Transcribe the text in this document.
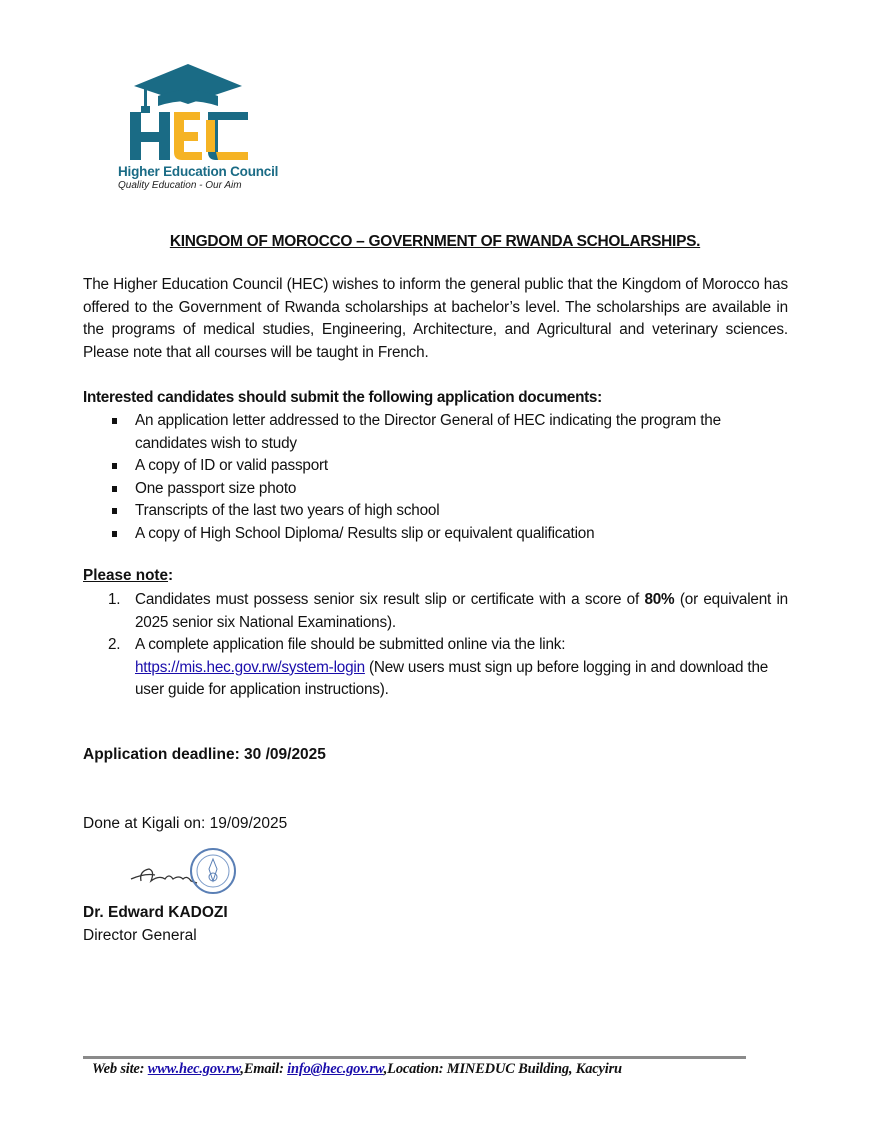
Higher Education Council
Quality Education - Our Aim
KINGDOM OF MOROCCO – GOVERNMENT OF RWANDA SCHOLARSHIPS.
The Higher Education Council (HEC) wishes to inform the general public that the Kingdom of Morocco has offered to the Government of Rwanda scholarships at bachelor’s level. The scholarships are available in the programs of medical studies, Engineering, Architecture, and Agricultural and veterinary sciences. Please note that all courses will be taught in French.
Interested candidates should submit the following application documents:
An application letter addressed to the Director General of HEC indicating the program the candidates wish to study
A copy of ID or valid passport
One passport size photo
Transcripts of the last two years of high school
A copy of High School Diploma/ Results slip or equivalent qualification
Please note:
1. Candidates must possess senior six result slip or certificate with a score of 80% (or equivalent in 2025 senior six National Examinations).
2. A complete application file should be submitted online via the link:
https://mis.hec.gov.rw/system-login (New users must sign up before logging in and download the user guide for application instructions).
Application deadline: 30 /09/2025
Done at Kigali on: 19/09/2025
Dr. Edward KADOZI
Director General
Web site: www.hec.gov.rw,Email: info@hec.gov.rw,Location: MINEDUC Building, Kacyiru
